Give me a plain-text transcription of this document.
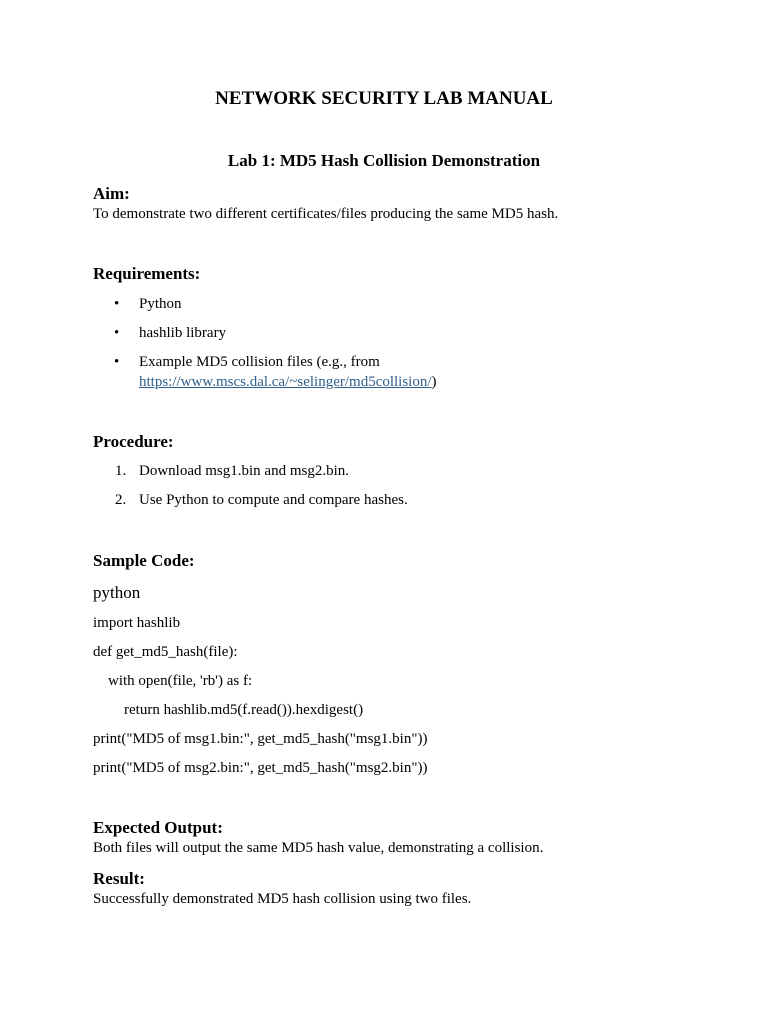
NETWORK SECURITY LAB MANUAL
Lab 1: MD5 Hash Collision Demonstration
Aim:
To demonstrate two different certificates/files producing the same MD5 hash.
Requirements:
• Python
• hashlib library
• Example MD5 collision files (e.g., from
https://www.mscs.dal.ca/~selinger/md5collision/)
Procedure:
1. Download msg1.bin and msg2.bin.
2. Use Python to compute and compare hashes.
Sample Code:
python
import hashlib
def get_md5_hash(file):
with open(file, 'rb') as f:
return hashlib.md5(f.read()).hexdigest()
print("MD5 of msg1.bin:", get_md5_hash("msg1.bin"))
print("MD5 of msg2.bin:", get_md5_hash("msg2.bin"))
Expected Output:
Both files will output the same MD5 hash value, demonstrating a collision.
Result:
Successfully demonstrated MD5 hash collision using two files.
